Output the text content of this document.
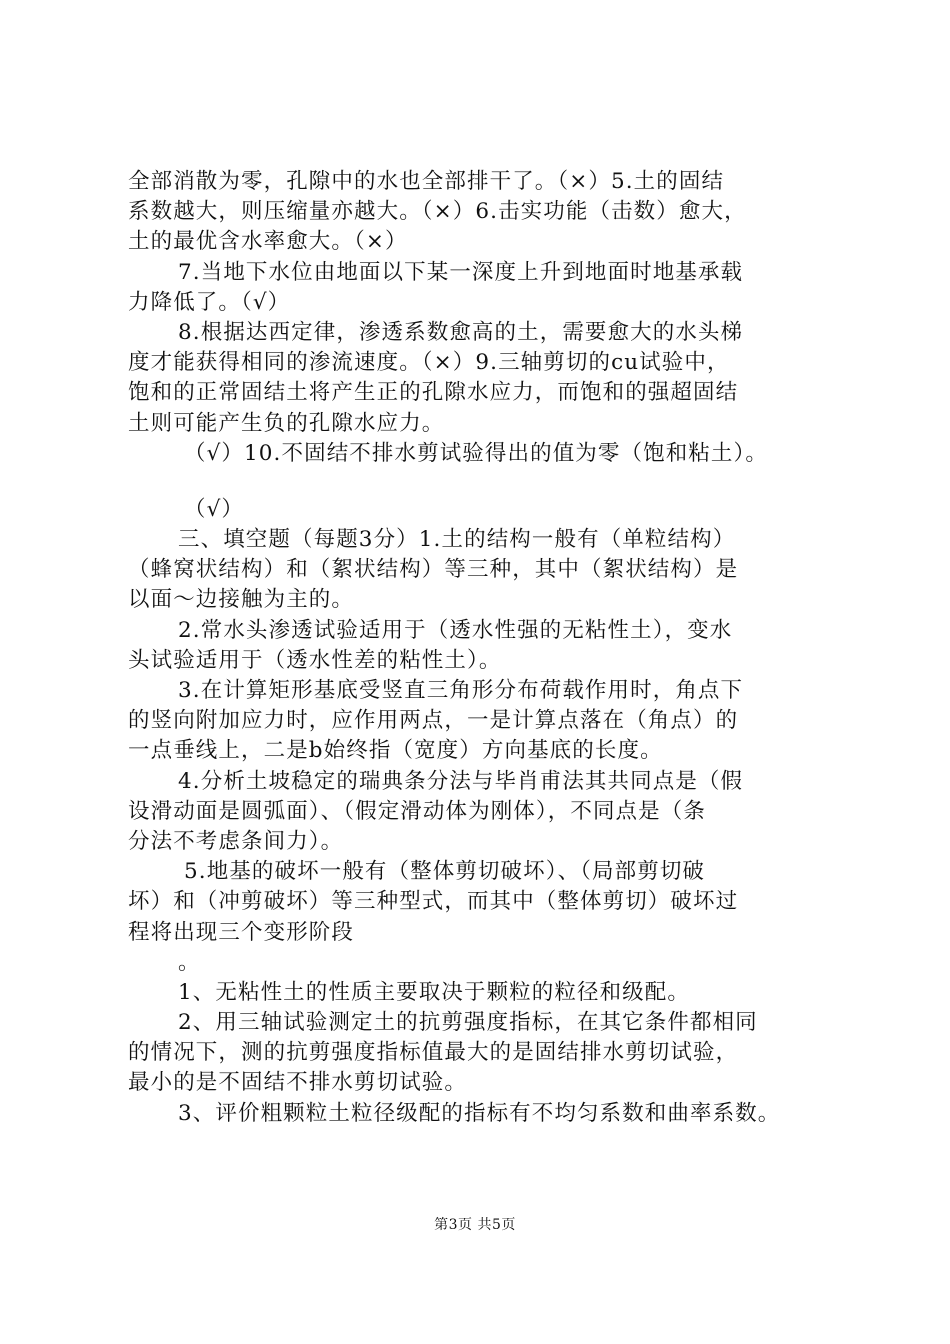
全部消散为零，孔隙中的水也全部排干了。（×）5.土的固结
系数越大，则压缩量亦越大。（×）6.击实功能（击数）愈大，
土的最优含水率愈大。（×）
7.当地下水位由地面以下某一深度上升到地面时地基承载
力降低了。（√）
8.根据达西定律，渗透系数愈高的土，需要愈大的水头梯
度才能获得相同的渗流速度。（×）9.三轴剪切的cu试验中，
饱和的正常固结土将产生正的孔隙水应力，而饱和的强超固结
土则可能产生负的孔隙水应力。
（√）10.不固结不排水剪试验得出的值为零（饱和粘土）。
（√）
三、填空题（每题3分）1.土的结构一般有（单粒结构）
（蜂窝状结构）和（絮状结构）等三种，其中（絮状结构）是
以面～边接触为主的。
2.常水头渗透试验适用于（透水性强的无粘性土），变水
头试验适用于（透水性差的粘性土）。
3.在计算矩形基底受竖直三角形分布荷载作用时，角点下
的竖向附加应力时，应作用两点，一是计算点落在（角点）的
一点垂线上，二是b始终指（宽度）方向基底的长度。
4.分析土坡稳定的瑞典条分法与毕肖甫法其共同点是（假
设滑动面是圆弧面）、（假定滑动体为刚体），不同点是（条
分法不考虑条间力）。
5.地基的破坏一般有（整体剪切破坏）、（局部剪切破
坏）和（冲剪破坏）等三种型式，而其中（整体剪切）破坏过
程将出现三个变形阶段
。
1、无粘性土的性质主要取决于颗粒的粒径和级配。
2、用三轴试验测定土的抗剪强度指标，在其它条件都相同
的情况下，测的抗剪强度指标值最大的是固结排水剪切试验，
最小的是不固结不排水剪切试验。
3、评价粗颗粒土粒径级配的指标有不均匀系数和曲率系数。
第3页 共5页
